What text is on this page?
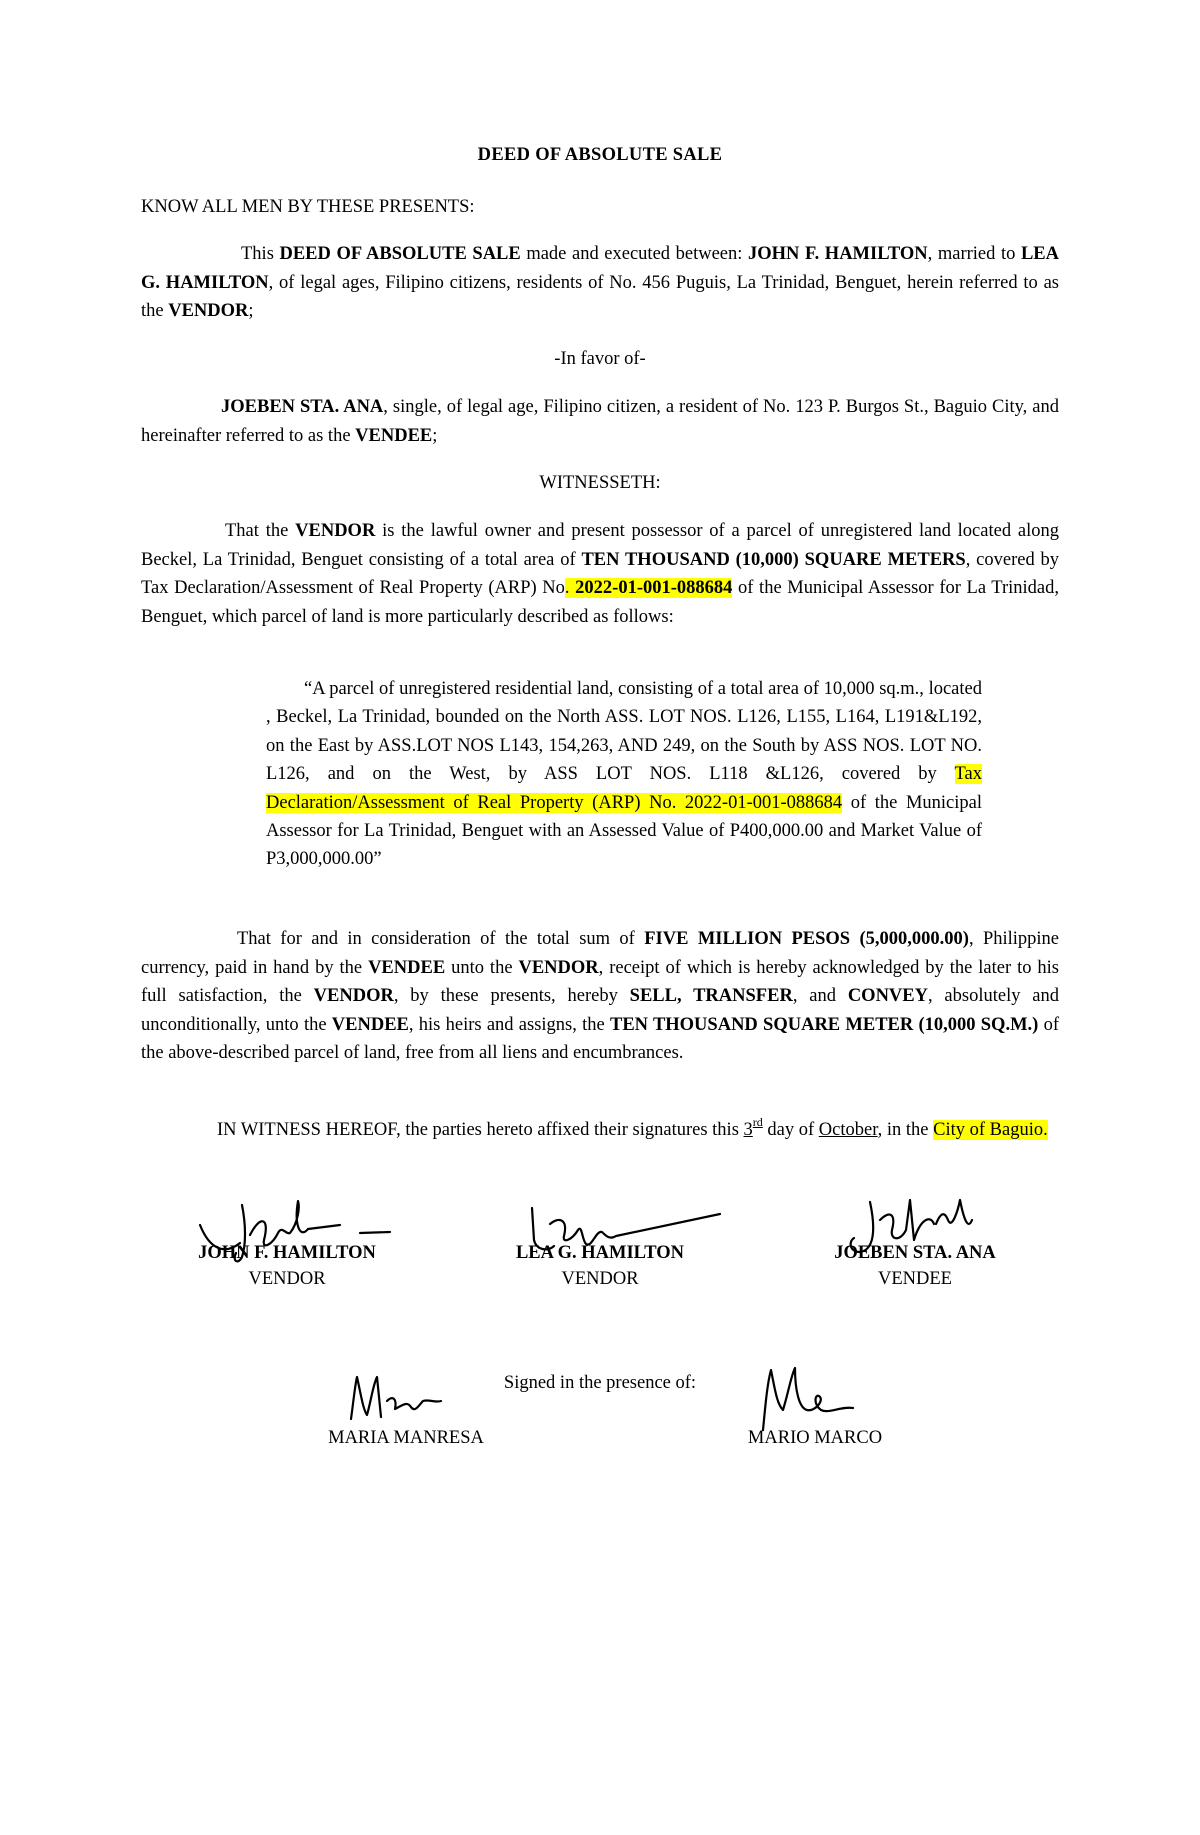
DEED OF ABSOLUTE SALE

KNOW ALL MEN BY THESE PRESENTS:

This DEED OF ABSOLUTE SALE made and executed between: JOHN F. HAMILTON, married to LEA G. HAMILTON, of legal ages, Filipino citizens, residents of No. 456 Puguis, La Trinidad, Benguet, herein referred to as the VENDOR;

-In favor of-

JOEBEN STA. ANA, single, of legal age, Filipino citizen, a resident of No. 123 P. Burgos St., Baguio City, and hereinafter referred to as the VENDEE;

WITNESSETH:

That the VENDOR is the lawful owner and present possessor of a parcel of unregistered land located along Beckel, La Trinidad, Benguet consisting of a total area of TEN THOUSAND (10,000) SQUARE METERS, covered by Tax Declaration/Assessment of Real Property (ARP) No. 2022-01-001-088684 of the Municipal Assessor for La Trinidad, Benguet, which parcel of land is more particularly described as follows:

“A parcel of unregistered residential land, consisting of a total area of 10,000 sq.m., located , Beckel, La Trinidad, bounded on the North ASS. LOT NOS. L126, L155, L164, L191&L192, on the East by ASS.LOT NOS L143, 154,263, AND 249, on the South by ASS NOS. LOT NO. L126, and on the West, by ASS LOT NOS. L118 &L126, covered by Tax Declaration/Assessment of Real Property (ARP) No. 2022-01-001-088684 of the Municipal Assessor for La Trinidad, Benguet with an Assessed Value of P400,000.00 and Market Value of P3,000,000.00”

That for and in consideration of the total sum of FIVE MILLION PESOS (5,000,000.00), Philippine currency, paid in hand by the VENDEE unto the VENDOR, receipt of which is hereby acknowledged by the later to his full satisfaction, the VENDOR, by these presents, hereby SELL, TRANSFER, and CONVEY, absolutely and unconditionally, unto the VENDEE, his heirs and assigns, the TEN THOUSAND SQUARE METER (10,000 SQ.M.) of the above-described parcel of land, free from all liens and encumbrances.

IN WITNESS HEREOF, the parties hereto affixed their signatures this 3rd day of October, in the City of Baguio.

JOHN F. HAMILTON
VENDOR
LEA G. HAMILTON
VENDOR
JOEBEN STA. ANA
VENDEE
Signed in the presence of:
MARIA MANRESA	MARIO MARCO
